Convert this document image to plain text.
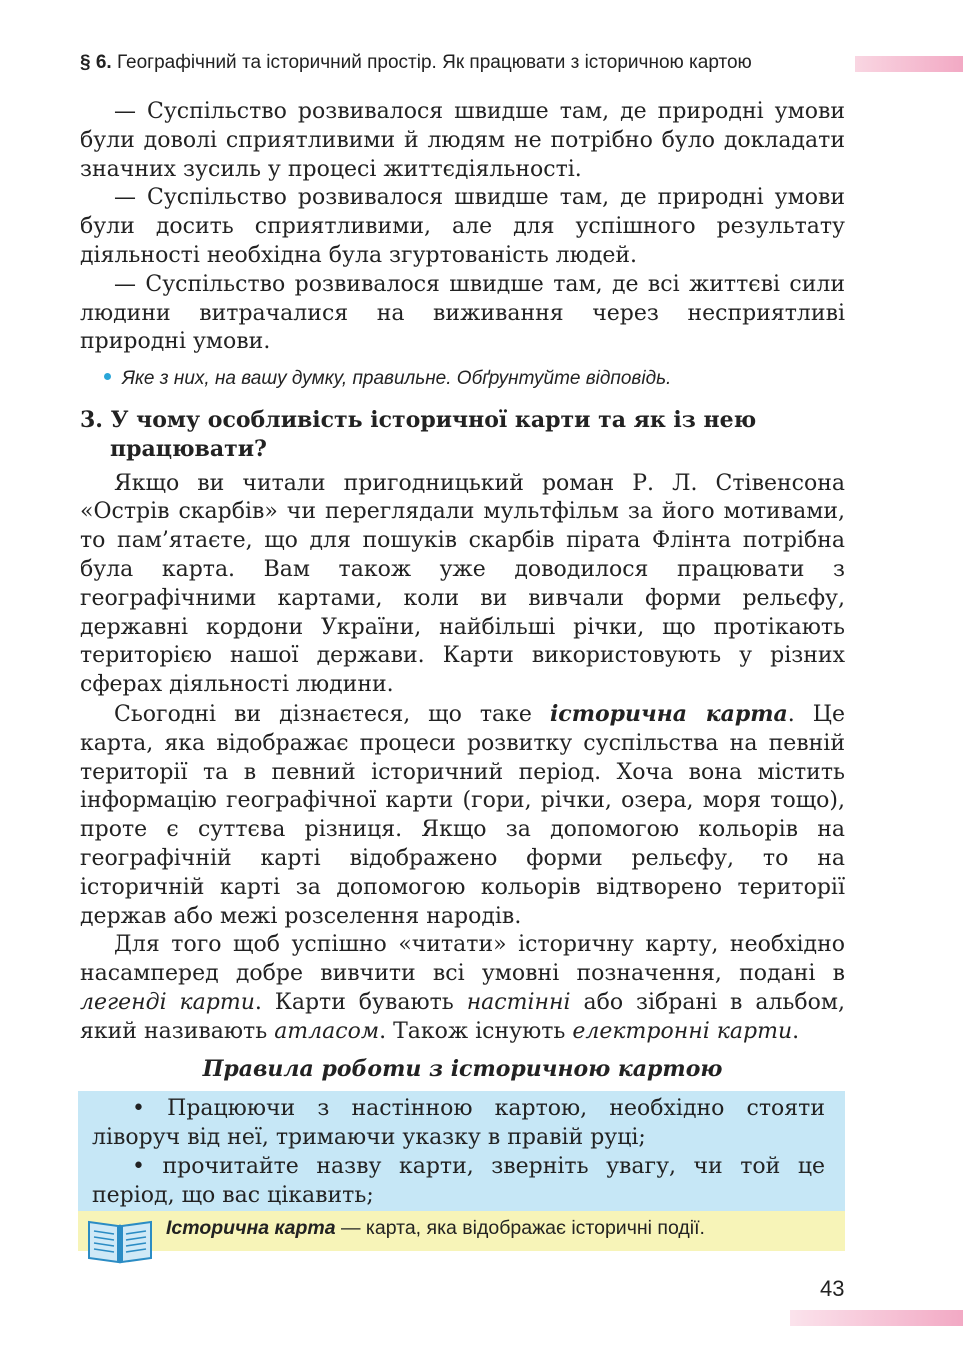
§ 6. Географічний та історичний простір. Як працювати з історичною картою

— Суспільство розвивалося швидше там, де природні умови були доволі сприятливими й людям не потрібно було докладати значних зусиль у процесі життєдіяльності.

— Суспільство розвивалося швидше там, де природні умови були досить сприятливими, але для успішного результату діяльності необхідна була згуртованість людей.

— Суспільство розвивалося швидше там, де всі життєві сили людини витрачалися на виживання через несприятливі природні умови.

Яке з них, на вашу думку, правильне. Обґрунтуйте відповідь.
3. У чому особливість історичної карти та як із нею працювати?

Якщо ви читали пригодницький роман Р. Л. Стівенсона «Острів скарбів» чи переглядали мультфільм за його мотивами, то пам’ятаєте, що для пошуків скарбів пірата Флінта потрібна була карта. Вам також уже доводилося працювати з географічними картами, коли ви вивчали форми рельєфу, державні кордони України, найбільші річки, що протікають територією нашої держави. Карти використовують у різних сферах діяльності людини.

Сьогодні ви дізнаєтеся, що таке історична карта. Це карта, яка відображає процеси розвитку суспільства на певній території та в певний історичний період. Хоча вона містить інформацію географічної карти (гори, річки, озера, моря тощо), проте є суттєва різниця. Якщо за допомогою кольорів на географічній карті відображено форми рельєфу, то на історичній карті за допомогою кольорів відтворено території держав або межі розселення народів.

Для того щоб успішно «читати» історичну карту, необхідно насамперед добре вивчити всі умовні позначення, подані в легенді карти. Карти бувають настінні або зібрані в альбом, який називають атласом. Також існують електронні карти.

Правила роботи з історичною картою

• Працюючи з настінною картою, необхідно стояти ліворуч від неї, тримаючи указку в правій руці;

• прочитайте назву карти, зверніть увагу, чи той це період, що вас цікавить;

Історична карта — карта, яка відображає історичні події.
43
